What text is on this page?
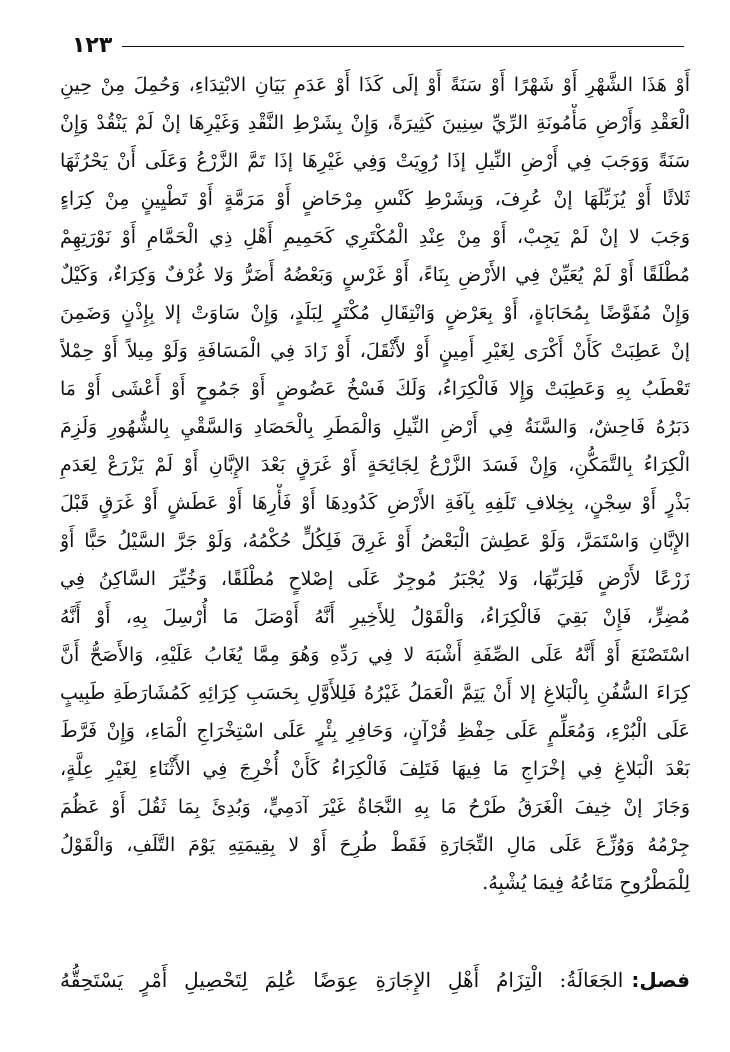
١٢٣
أَوْ هَذَا الشَّهْرِ أَوْ شَهْرًا أَوْ سَنَةً أَوْ إلَى كَذَا أَوْ عَدَمِ بَيَانِ الابْتِدَاءِ، وَحُمِلَ مِنْ حِينِ
الْعَقْدِ وَأَرْضِ مَأْمُونَةِ الرِّيِّ سِنِينَ كَثِيرَةً، وَإِنْ بِشَرْطِ النَّقْدِ وَغَيْرِهَا إنْ لَمْ يَنْقُدْ وَإِنْ
سَنَةً وَوَجَبَ فِي أَرْضِ النِّيلِ إذَا رُوِيَتْ وَفِي غَيْرِهَا إذَا تَمَّ الزَّرْعُ وَعَلَى أَنْ يَحْرُثَهَا
ثَلاثًا أَوْ يُزَبِّلَهَا إنْ عُرِفَ، وَبِشَرْطِ كَنْسِ مِرْحَاضٍ أَوْ مَرَمَّةٍ أَوْ تَطْيِينٍ مِنْ كِرَاءٍ
وَجَبَ لا إنْ لَمْ يَجِبْ، أَوْ مِنْ عِنْدِ الْمُكْتَرِي كَحَمِيمِ أَهْلِ ذِي الْحَمَّامِ أَوْ نَوْرَتِهِمْ
مُطْلَقًا أَوْ لَمْ يُعَيِّنْ فِي الأَرْضِ بِنَاءً، أَوْ غَرْسٍ وَبَعْضُهُ أَضَرُّ وَلا غُرْفٌ وَكِرَاءٌ، وَكَيْلٌ
وَإِنْ مُفَوَّضًا بِمُحَابَاةٍ، أَوْ بِعَرْضٍ وَانْتِقَالِ مُكْتَرٍ لِبَلَدٍ، وَإِنْ سَاوَتْ إلا بِإِذْنٍ وَضَمِنَ
إنْ عَطِبَتْ كَأَنْ أَكْرَى لِغَيْرِ أَمِينٍ أَوْ لأَثْقَلَ، أَوْ زَادَ فِي الْمَسَافَةِ وَلَوْ مِيلاً أَوْ حِمْلاً
تَعْطَبُ بِهِ وَعَطِبَتْ وَإِلا فَالْكِرَاءُ، وَلَكَ فَسْخُ عَضُوضٍ أَوْ جَمُوحٍ أَوْ أَعْشَى أَوْ مَا
دَبَرُهُ فَاحِشٌ، وَالسَّنَةُ فِي أَرْضِ النِّيلِ وَالْمَطَرِ بِالْحَصَادِ وَالسَّقْيِ بِالشُّهُورِ وَلَزِمَ
الْكِرَاءُ بِالتَّمَكُّنِ، وَإِنْ فَسَدَ الزَّرْعُ لِجَائِحَةٍ أَوْ غَرَقٍ بَعْدَ الإِبَّانِ أَوْ لَمْ يَزْرَعْ لِعَدَمِ
بَذْرٍ أَوْ سِجْنٍ، بِخِلافِ تَلَفِهِ بِآفَةِ الأَرْضِ كَدُودِهَا أَوْ فَأْرِهَا أَوْ عَطَشٍ أَوْ غَرَقٍ قَبْلَ
الإِبَّانِ وَاسْتَمَرَّ، وَلَوْ عَطِشَ الْبَعْضُ أَوْ غَرِقَ فَلِكُلٍّ حُكْمُهُ، وَلَوْ جَرَّ السَّيْلُ حَبًّا أَوْ
زَرْعًا لأَرْضٍ فَلِرَبِّهَا، وَلا يُجْبَرُ مُوجِرٌ عَلَى إصْلاحٍ مُطْلَقًا، وَخُيِّرَ السَّاكِنُ فِي
مُضِرٍّ، فَإِنْ بَقِيَ فَالْكِرَاءُ، وَالْقَوْلُ لِلأَخِيرِ أَنَّهُ أَوْصَلَ مَا أُرْسِلَ بِهِ، أَوْ أَنَّهُ
اسْتَصْنَعَ أَوْ أَنَّهُ عَلَى الصِّفَةِ أَشْبَهَ لا فِي رَدِّهِ وَهُوَ مِمَّا يُغَابُ عَلَيْهِ، وَالأَصَحُّ أَنَّ
كِرَاءَ السُّفُنِ بِالْبَلاغِ إلا أَنْ يَتِمَّ الْعَمَلُ غَيْرُهُ فَلِلأَوَّلِ بِحَسَبِ كِرَائِهِ كَمُشَارَطَةِ طَبِيبٍ
عَلَى الْبُرْءِ، وَمُعَلِّمٍ عَلَى حِفْظِ قُرْآنٍ، وَحَافِرِ بِئْرٍ عَلَى اسْتِخْرَاجِ الْمَاءِ، وَإِنْ فَرَّطَ
بَعْدَ الْبَلاغِ فِي إخْرَاجِ مَا فِيهَا فَتَلِفَ فَالْكِرَاءُ كَأَنْ أُخْرِجَ فِي الأَثْنَاءِ لِغَيْرِ عِلَّةٍ،
وَجَازَ إنْ خِيفَ الْغَرَقُ طَرْحُ مَا بِهِ النَّجَاةُ غَيْرَ آدَمِيٍّ، وَبُدِئَ بِمَا ثَقُلَ أَوْ عَظُمَ
جِرْمُهُ وَوُزِّعَ عَلَى مَالِ التِّجَارَةِ فَقَطْ طُرِحَ أَوْ لا بِقِيمَتِهِ يَوْمَ التَّلَفِ، وَالْقَوْلُ
لِلْمَطْرُوحِ مَتَاعُهُ فِيمَا يُشْبِهُ.
فصل:الجَعَالَةُ: الْتِزَامُ أَهْلِ الإِجَارَةِ عِوَضًا عُلِمَ لِتَحْصِيلِ أَمْرٍ يَسْتَحِقُّهُ
